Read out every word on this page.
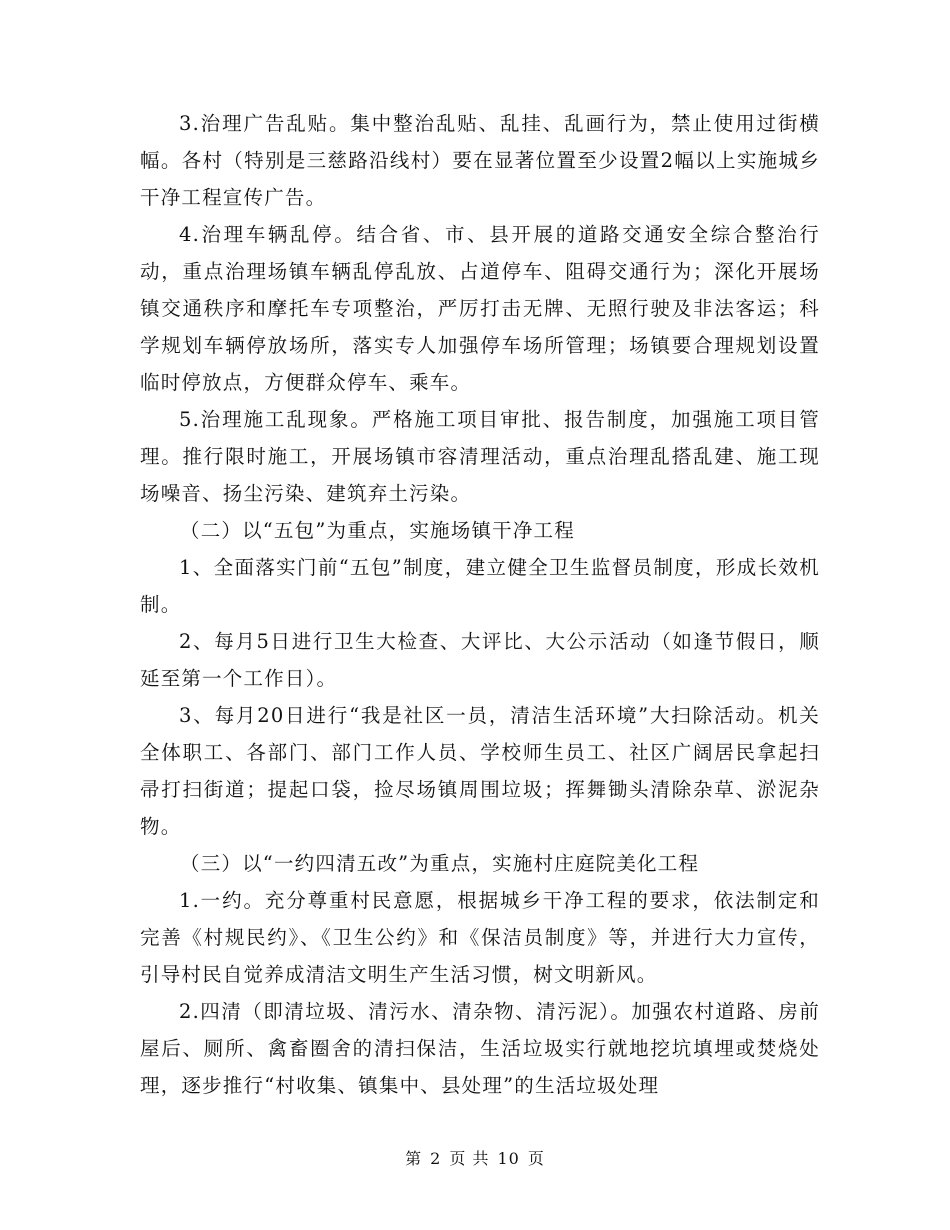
3.治理广告乱贴。集中整治乱贴、乱挂、乱画行为，禁止使用过街横幅。各村（特别是三慈路沿线村）要在显著位置至少设置2幅以上实施城乡干净工程宣传广告。

4.治理车辆乱停。结合省、市、县开展的道路交通安全综合整治行动，重点治理场镇车辆乱停乱放、占道停车、阻碍交通行为；深化开展场镇交通秩序和摩托车专项整治，严厉打击无牌、无照行驶及非法客运；科学规划车辆停放场所，落实专人加强停车场所管理；场镇要合理规划设置临时停放点，方便群众停车、乘车。

5.治理施工乱现象。严格施工项目审批、报告制度，加强施工项目管理。推行限时施工，开展场镇市容清理活动，重点治理乱搭乱建、施工现场噪音、扬尘污染、建筑弃土污染。

（二）以“五包”为重点，实施场镇干净工程

1、全面落实门前“五包”制度，建立健全卫生监督员制度，形成长效机制。

2、每月5日进行卫生大检查、大评比、大公示活动（如逢节假日，顺延至第一个工作日）。

3、每月20日进行“我是社区一员，清洁生活环境”大扫除活动。机关全体职工、各部门、部门工作人员、学校师生员工、社区广阔居民拿起扫帚打扫街道；提起口袋，捡尽场镇周围垃圾；挥舞锄头清除杂草、淤泥杂物。

（三）以“一约四清五改”为重点，实施村庄庭院美化工程

1.一约。充分尊重村民意愿，根据城乡干净工程的要求，依法制定和完善《村规民约》、《卫生公约》和《保洁员制度》等，并进行大力宣传，引导村民自觉养成清洁文明生产生活习惯，树文明新风。

2.四清（即清垃圾、清污水、清杂物、清污泥）。加强农村道路、房前屋后、厕所、禽畜圈舍的清扫保洁，生活垃圾实行就地挖坑填埋或焚烧处理，逐步推行“村收集、镇集中、县处理”的生活垃圾处理

第 2 页 共 10 页
